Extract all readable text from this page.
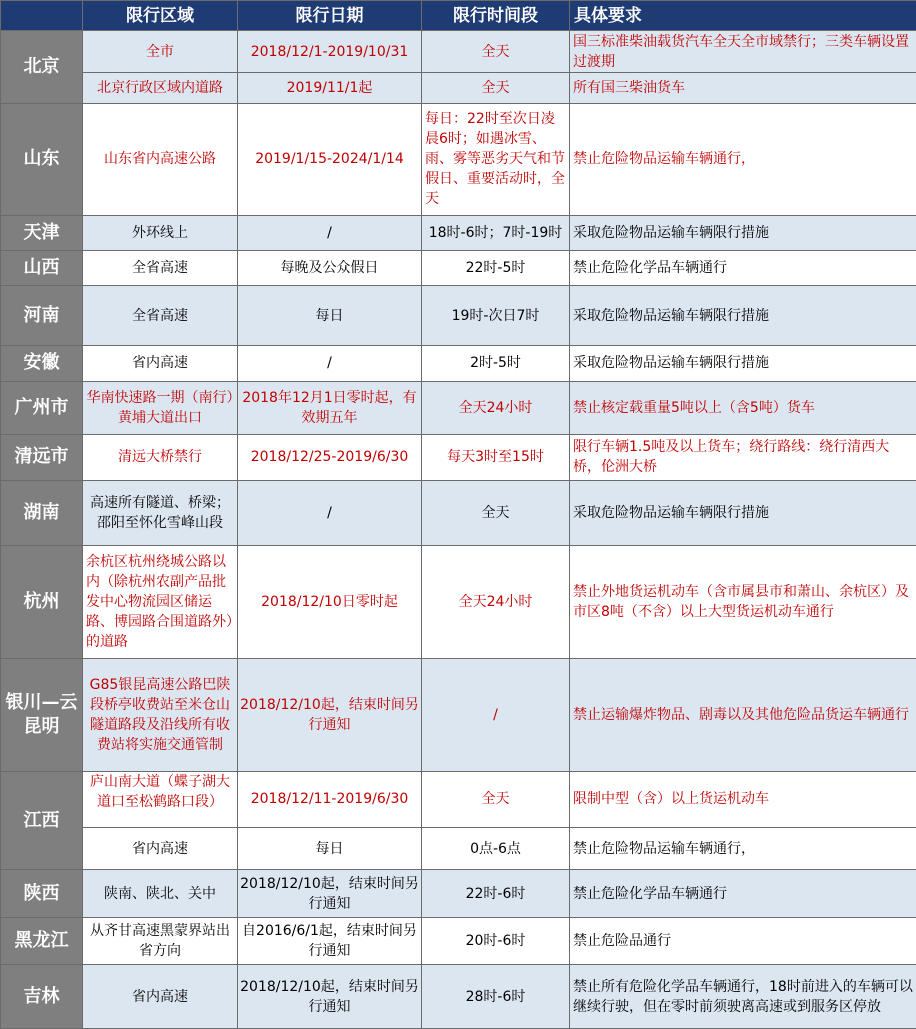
	限行区域	限行日期	限行时间段	具体要求
北京	全市	2018/12/1-2019/10/31	全天	国三标准柴油载货汽车全天全市域禁行；三类车辆设置过渡期
	北京行政区域内道路	2019/11/1起	全天	所有国三柴油货车
山东	山东省内高速公路	2019/1/15-2024/1/14	每日：22时至次日凌晨6时；如遇冰雪、雨、雾等恶劣天气和节假日、重要活动时，全天	禁止危险物品运输车辆通行，
天津	外环线上	/	18时-6时；7时-19时	采取危险物品运输车辆限行措施
山西	全省高速	每晚及公众假日	22时-5时	禁止危险化学品车辆通行
河南	全省高速	每日	19时-次日7时	采取危险物品运输车辆限行措施
安徽	省内高速	/	2时-5时	采取危险物品运输车辆限行措施
广州市	华南快速路一期（南行）黄埔大道出口	2018年12月1日零时起，有效期五年	全天24小时	禁止核定载重量5吨以上（含5吨）货车
清远市	清远大桥禁行	2018/12/25-2019/6/30	每天3时至15时	限行车辆1.5吨及以上货车；绕行路线：绕行清西大桥，伦洲大桥
湖南	高速所有隧道、桥梁；邵阳至怀化雪峰山段	/	全天	采取危险物品运输车辆限行措施
杭州	余杭区杭州绕城公路以内（除杭州农副产品批发中心物流园区储运路、博园路合围道路外）的道路	2018/12/10日零时起	全天24小时	禁止外地货运机动车（含市属县市和萧山、余杭区）及市区8吨（不含）以上大型货运机动车通行
银川—云昆明	G85银昆高速公路巴陕段桥亭收费站至米仓山隧道路段及沿线所有收费站将实施交通管制	2018/12/10起，结束时间另行通知	/	禁止运输爆炸物品、剧毒以及其他危险品货运车辆通行
江西	庐山南大道（蝶子湖大道口至松鹤路口段）	2018/12/11-2019/6/30	全天	限制中型（含）以上货运机动车
	省内高速	每日	0点-6点	禁止危险物品运输车辆通行，
陕西	陕南、陕北、关中	2018/12/10起，结束时间另行通知	22时-6时	禁止危险化学品车辆通行
黑龙江	从齐甘高速黑蒙界站出省方向	自2016/6/1起，结束时间另行通知	20时-6时	禁止危险品通行
吉林	省内高速	2018/12/10起，结束时间另行通知	28时-6时	禁止所有危险化学品车辆通行，18时前进入的车辆可以继续行驶，但在零时前须驶离高速或到服务区停放
